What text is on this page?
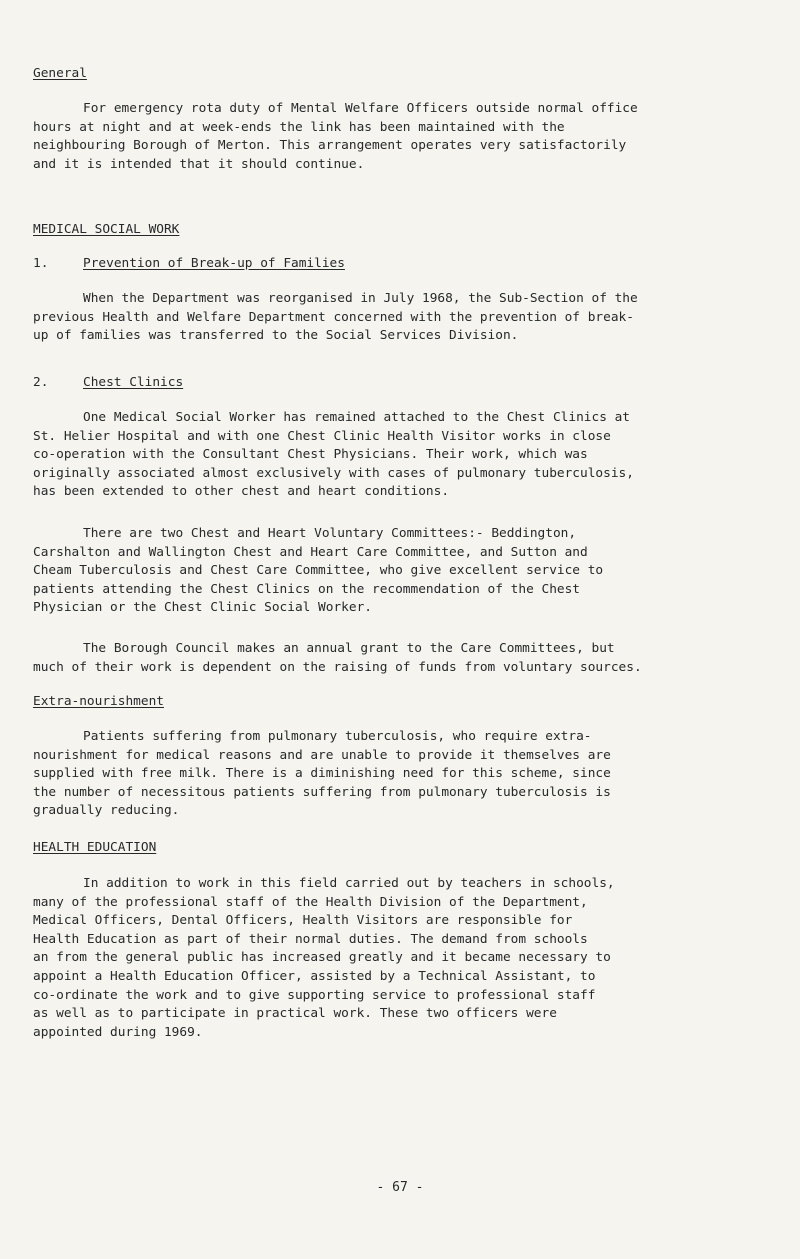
General

For emergency rota duty of Mental Welfare Officers outside normal office
hours at night and at week-ends the link has been maintained with the
neighbouring Borough of Merton. This arrangement operates very satisfactorily
and it is intended that it should continue.

MEDICAL SOCIAL WORK
1.	Prevention of Break-up of Families

When the Department was reorganised in July 1968, the Sub-Section of the
previous Health and Welfare Department concerned with the prevention of break-
up of families was transferred to the Social Services Division.

2.	Chest Clinics

One Medical Social Worker has remained attached to the Chest Clinics at
St. Helier Hospital and with one Chest Clinic Health Visitor works in close
co-operation with the Consultant Chest Physicians. Their work, which was
originally associated almost exclusively with cases of pulmonary tuberculosis,
has been extended to other chest and heart conditions.

There are two Chest and Heart Voluntary Committees:- Beddington,
Carshalton and Wallington Chest and Heart Care Committee, and Sutton and
Cheam Tuberculosis and Chest Care Committee, who give excellent service to
patients attending the Chest Clinics on the recommendation of the Chest
Physician or the Chest Clinic Social Worker.

The Borough Council makes an annual grant to the Care Committees, but
much of their work is dependent on the raising of funds from voluntary sources.

Extra-nourishment

Patients suffering from pulmonary tuberculosis, who require extra-
nourishment for medical reasons and are unable to provide it themselves are
supplied with free milk. There is a diminishing need for this scheme, since
the number of necessitous patients suffering from pulmonary tuberculosis is
gradually reducing.

HEALTH EDUCATION

In addition to work in this field carried out by teachers in schools,
many of the professional staff of the Health Division of the Department,
Medical Officers, Dental Officers, Health Visitors are responsible for
Health Education as part of their normal duties. The demand from schools
an from the general public has increased greatly and it became necessary to
appoint a Health Education Officer, assisted by a Technical Assistant, to
co-ordinate the work and to give supporting service to professional staff
as well as to participate in practical work. These two officers were
appointed during 1969.

- 67 -
